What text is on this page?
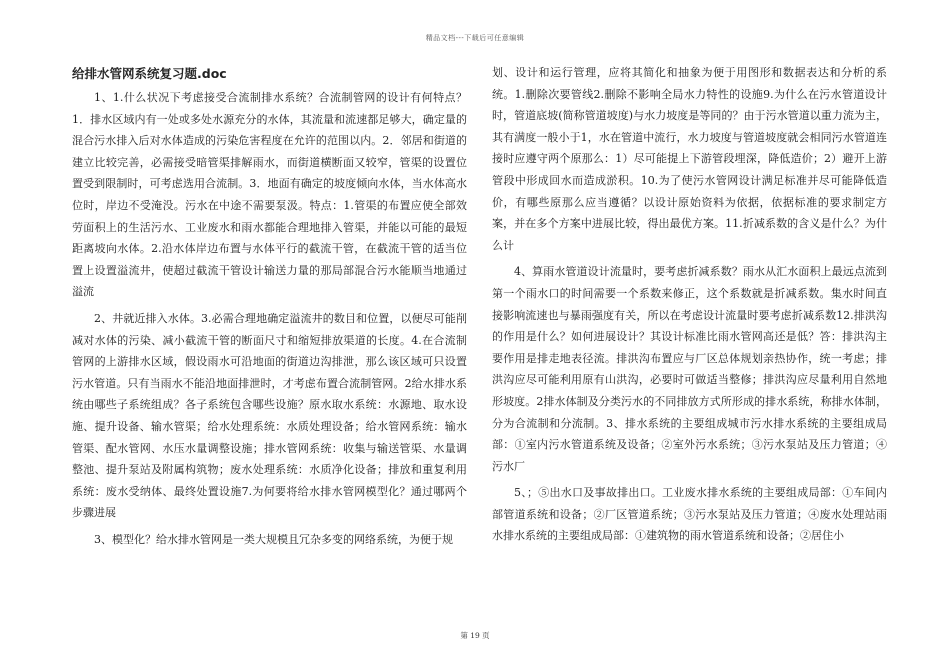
精品文档---下载后可任意编辑
给排水管网系统复习题.doc

1、1.什么状况下考虑接受合流制排水系统？合流制管网的设计有何特点？1．排水区域内有一处或多处水源充分的水体，其流量和流速都足够大，确定量的混合污水排入后对水体造成的污染危害程度在允许的范围以内。2．邻居和街道的建立比较完善，必需接受暗管渠排解雨水，而街道横断面又较窄，管渠的设置位置受到限制时，可考虑选用合流制。3．地面有确定的坡度倾向水体，当水体高水位时，岸边不受淹没。污水在中途不需要泵汲。特点：1.管渠的布置应使全部效劳面积上的生活污水、工业废水和雨水都能合理地排入管渠，并能以可能的最短距离坡向水体。2.沿水体岸边布置与水体平行的截流干管，在截流干管的适当位置上设置溢流井，使超过截流干管设计输送力量的那局部混合污水能顺当地通过溢流

2、井就近排入水体。3.必需合理地确定溢流井的数目和位置，以便尽可能削减对水体的污染、减小截流干管的断面尺寸和缩短排放渠道的长度。4.在合流制管网的上游排水区域，假设雨水可沿地面的街道边沟排泄，那么该区域可只设置污水管道。只有当雨水不能沿地面排泄时，才考虑布置合流制管网。2给水排水系统由哪些子系统组成？各子系统包含哪些设施？原水取水系统：水源地、取水设施、提升设备、输水管渠；给水处理系统：水质处理设备；给水管网系统：输水管渠、配水管网、水压水量调整设施；排水管网系统：收集与输送管渠、水量调整池、提升泵站及附属构筑物；废水处理系统：水质净化设备；排放和重复利用系统：废水受纳体、最终处置设施7.为何要将给水排水管网模型化？通过哪两个步骤进展

3、模型化？给水排水管网是一类大规模且冗杂多变的网络系统，为便于规

划、设计和运行管理，应将其简化和抽象为便于用图形和数据表达和分析的系统。1.删除次要管线2.删除不影响全局水力特性的设施9.为什么在污水管道设计时，管道底坡(简称管道坡度)与水力坡度是等同的？由于污水管道以重力流为主，其有满度一般小于1，水在管道中流行，水力坡度与管道坡度就会相同污水管道连接时应遵守两个原那么：1）尽可能提上下游管段埋深，降低造价；2）避开上游管段中形成回水而造成淤积。10.为了使污水管网设计满足标准并尽可能降低造价，有哪些原那么应当遵循？以设计原始资料为依据，依据标准的要求制定方案，并在多个方案中进展比较，得出最优方案。11.折减系数的含义是什么？为什么计

4、算雨水管道设计流量时，要考虑折减系数？雨水从汇水面积上最远点流到第一个雨水口的时间需要一个系数来修正，这个系数就是折减系数。集水时间直接影响流速也与暴雨强度有关，所以在考虑设计流量时要考虑折减系数12.排洪沟的作用是什么？如何进展设计？其设计标准比雨水管网高还是低？答：排洪沟主要作用是排走地表径流。排洪沟布置应与厂区总体规划亲热协作，统一考虑；排洪沟应尽可能利用原有山洪沟，必要时可做适当整修；排洪沟应尽量利用自然地形坡度。2排水体制及分类污水的不同排放方式所形成的排水系统，称排水体制，分为合流制和分流制。3、排水系统的主要组成城市污水排水系统的主要组成局部：①室内污水管道系统及设备；②室外污水系统；③污水泵站及压力管道；④污水厂

5、；⑤出水口及事故排出口。工业废水排水系统的主要组成局部：①车间内部管道系统和设备；②厂区管道系统；③污水泵站及压力管道；④废水处理站雨水排水系统的主要组成局部：①建筑物的雨水管道系统和设备；②居住小

第 19 页
